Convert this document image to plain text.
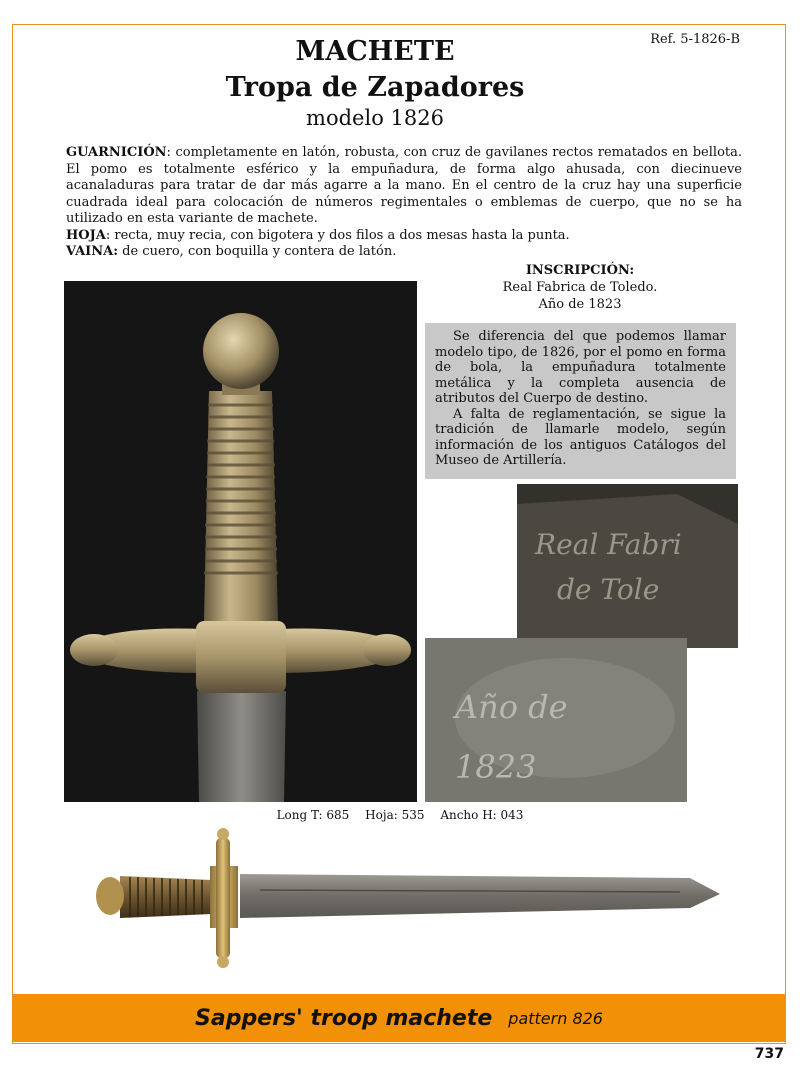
Ref. 5-1826-B
MACHETE
Tropa de Zapadores
modelo 1826

GUARNICIÓN: completamente en latón, robusta, con cruz de gavilanes rectos rematados en bellota. El pomo es totalmente esférico y la empuñadura, de forma algo ahusada, con diecinueve acanaladuras para tratar de dar más agarre a la mano. En el centro de la cruz hay una superficie cuadrada ideal para colocación de números regimentales o emblemas de cuerpo, que no se ha utilizado en esta variante de machete.

HOJA: recta, muy recia, con bigotera y dos filos a dos mesas hasta la punta.

VAINA: de cuero, con boquilla y contera de latón.

INSCRIPCIÓN:
Real Fabrica de Toledo.
Año de 1823

Se diferencia del que podemos llamar modelo tipo, de 1826, por el pomo en forma de bola, la empuñadura totalmente metálica y la completa ausencia de atributos del Cuerpo de destino.

A falta de reglamentación, se sigue la tradición de llamarle modelo, según información de los antiguos Catálogos del Museo de Artillería.

Real Fabri
de Tole
Año de
1823
Long T: 685 Hoja: 535 Ancho H: 043
Sappers' troop machete pattern 826
737
